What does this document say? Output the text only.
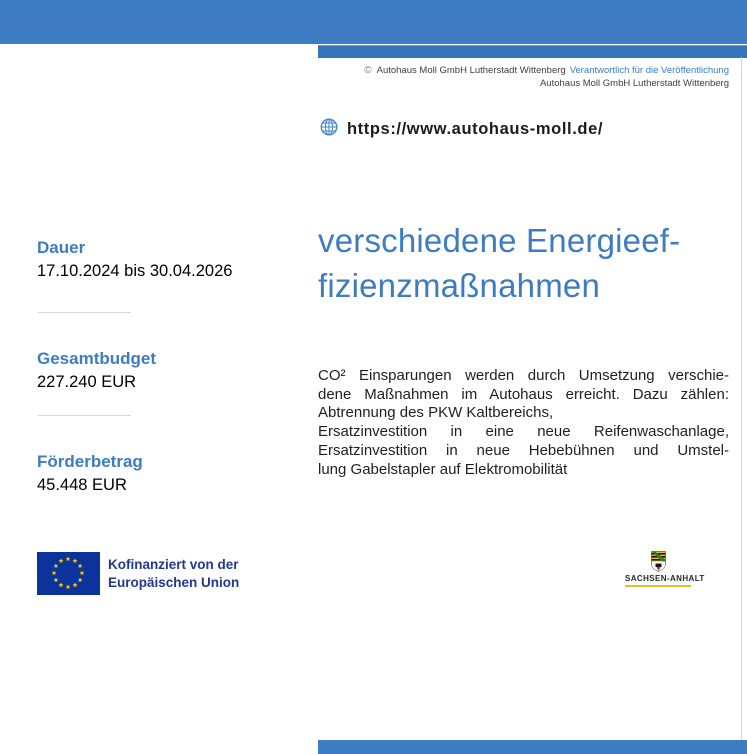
© Autohaus Moll GmbH Lutherstadt Wittenberg Verantwortlich für die Veröffentlichung
Autohaus Moll GmbH Lutherstadt Wittenberg
https://www.autohaus-moll.de/
verschiedene Energieef-
fizienzmaßnahmen
CO² Einsparungen werden durch Umsetzung verschie-
dene Maßnahmen im Autohaus erreicht. Dazu zählen:
Abtrennung des PKW Kaltbereichs,
Ersatzinvestition in eine neue Reifenwaschanlage,
Ersatzinvestition in neue Hebebühnen und Umstel-
lung Gabelstapler auf Elektromobilität
Dauer
17.10.2024 bis 30.04.2026
Gesamtbudget
227.240 EUR
Förderbetrag
45.448 EUR
Kofinanziert von der
Europäischen Union	SACHSEN-ANHALT
